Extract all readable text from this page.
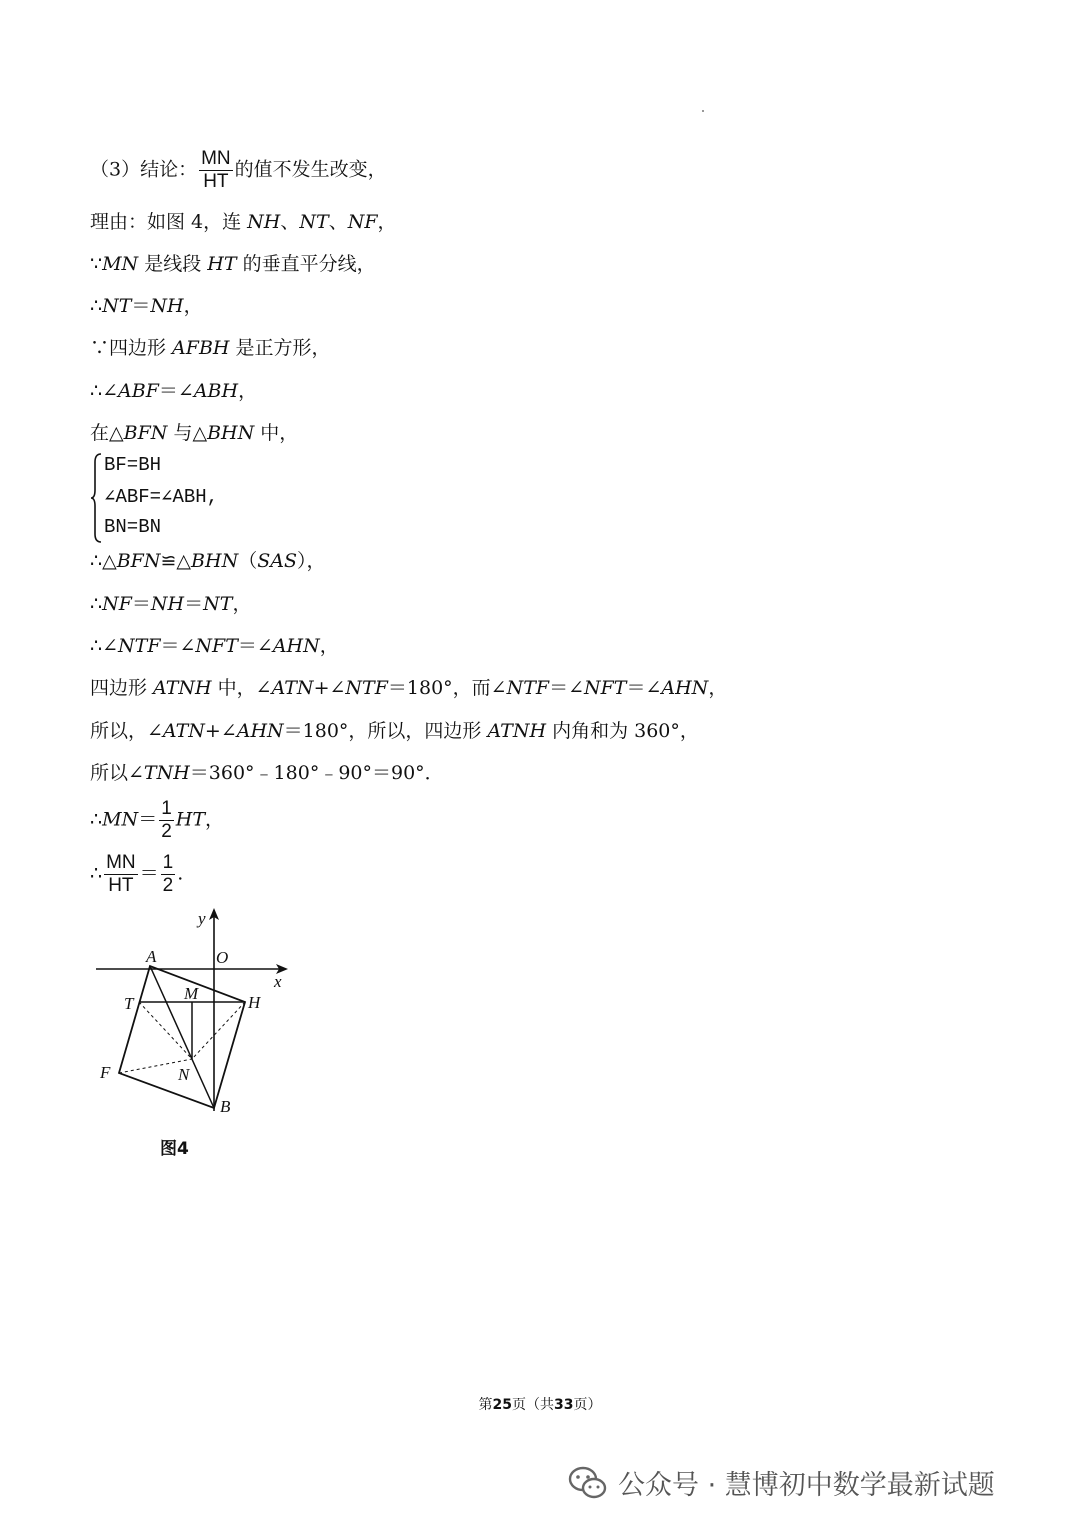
（3）结论： $\frac{MN}{HT}$ 的值不发生改变，
理由：如图 4，连 NH、NT、NF，
∵MN 是线段 HT 的垂直平分线，
∴NT＝NH，
∵四边形 AFBH 是正方形，
∴∠ABF＝∠ABH，
在△BFN 与△BHN 中，
BF=BH
∠ABF=∠ABH,
BN=BN
∴△BFN≌△BHN（SAS），
∴NF＝NH＝NT，
∴∠NTF＝∠NFT＝∠AHN，
四边形 ATNH 中，∠ATN+∠NTF＝180°，而∠NTF＝∠NFT＝∠AHN，
所以，∠ATN+∠AHN＝180°，所以，四边形 ATNH 内角和为 360°，
所以∠TNH＝360°﹣180°﹣90°＝90°．
∴MN＝ $\frac{1}{2}$ HT，
∴ $\frac{MN}{HT} = \frac{1}{2}$ .
y
O
x
A
M
T	H
F	N
B
图4
第25页（共33页）
公众号 · 慧博初中数学最新试题
